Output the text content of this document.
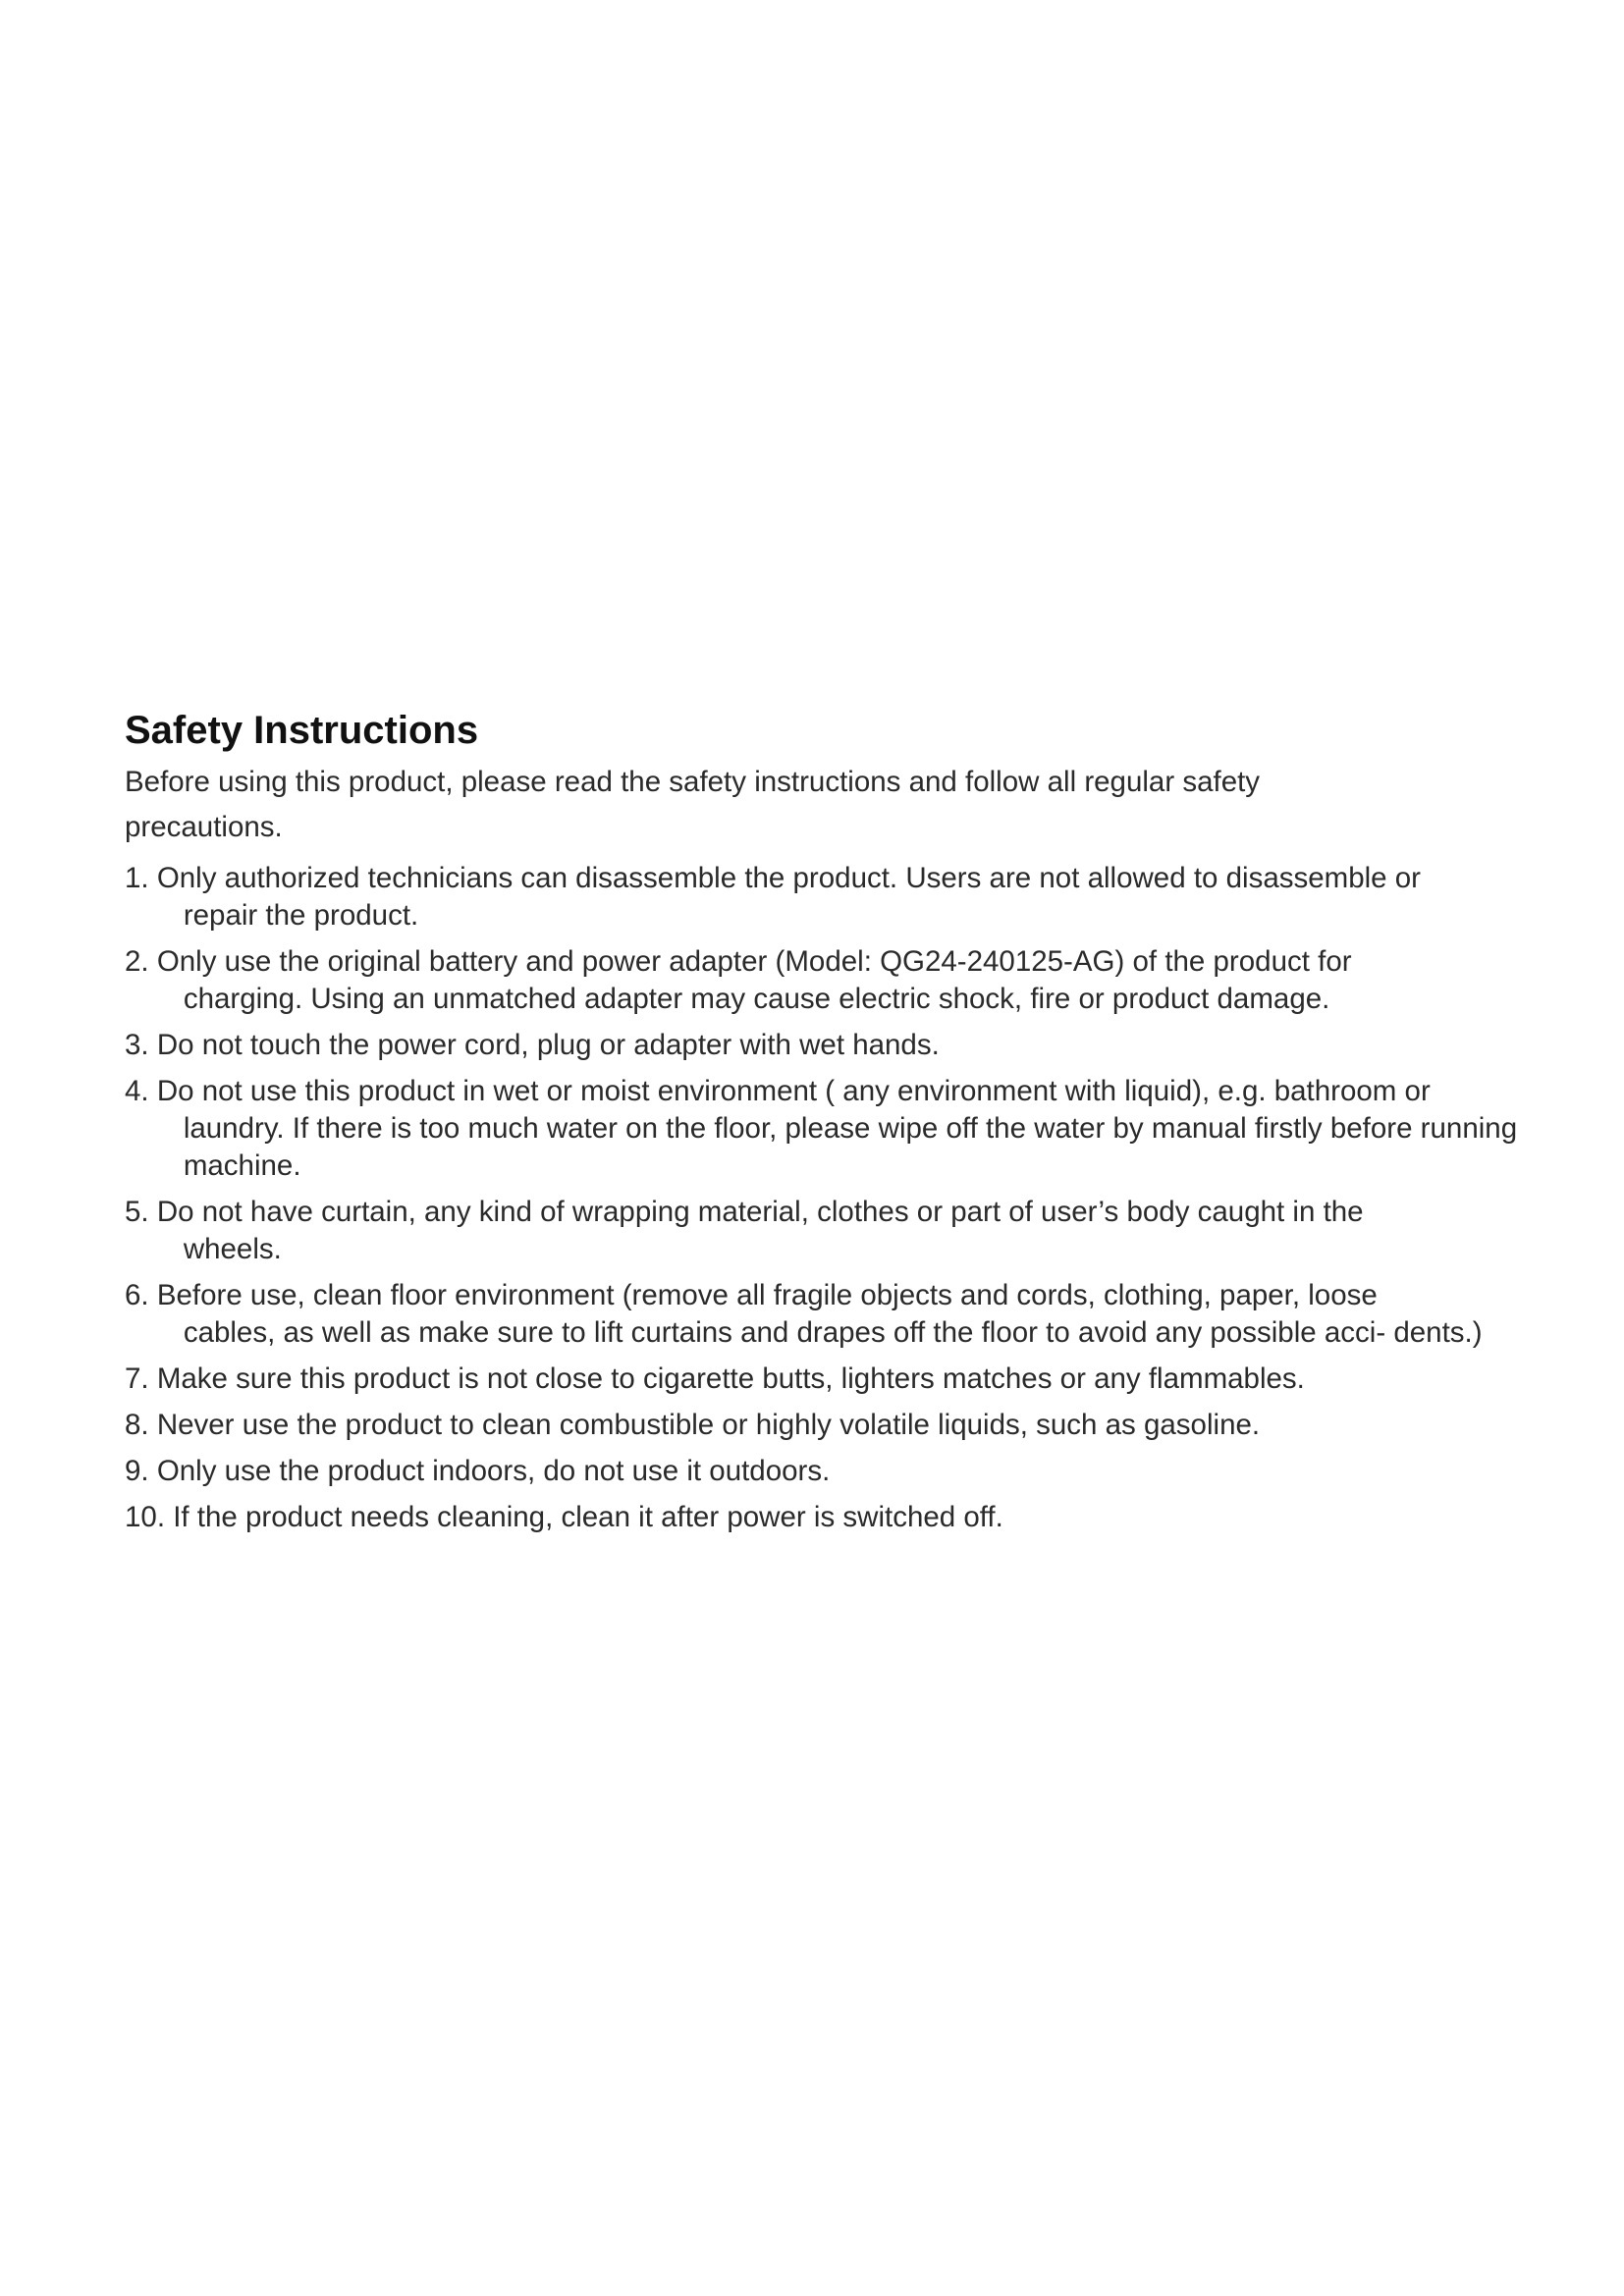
Safety Instructions

Before using this product, please read the safety instructions and follow all regular safety precautions.

1. Only authorized technicians can disassemble the product. Users are not allowed to disassemble or
repair the product.
2. Only use the original battery and power adapter (Model: QG24-240125-AG) of the product for
charging. Using an unmatched adapter may cause electric shock, fire or product damage.
3. Do not touch the power cord, plug or adapter with wet hands.
4. Do not use this product in wet or moist environment ( any environment with liquid), e.g. bathroom or
laundry. If there is too much water on the floor, please wipe off the water by manual firstly before running machine.
5. Do not have curtain, any kind of wrapping material, clothes or part of user’s body caught in the
wheels.
6. Before use, clean floor environment (remove all fragile objects and cords, clothing, paper, loose
cables, as well as make sure to lift curtains and drapes off the floor to avoid any possible acci- dents.)
7. Make sure this product is not close to cigarette butts, lighters matches or any flammables.
8. Never use the product to clean combustible or highly volatile liquids, such as gasoline.
9. Only use the product indoors, do not use it outdoors.
10. If the product needs cleaning, clean it after power is switched off.
